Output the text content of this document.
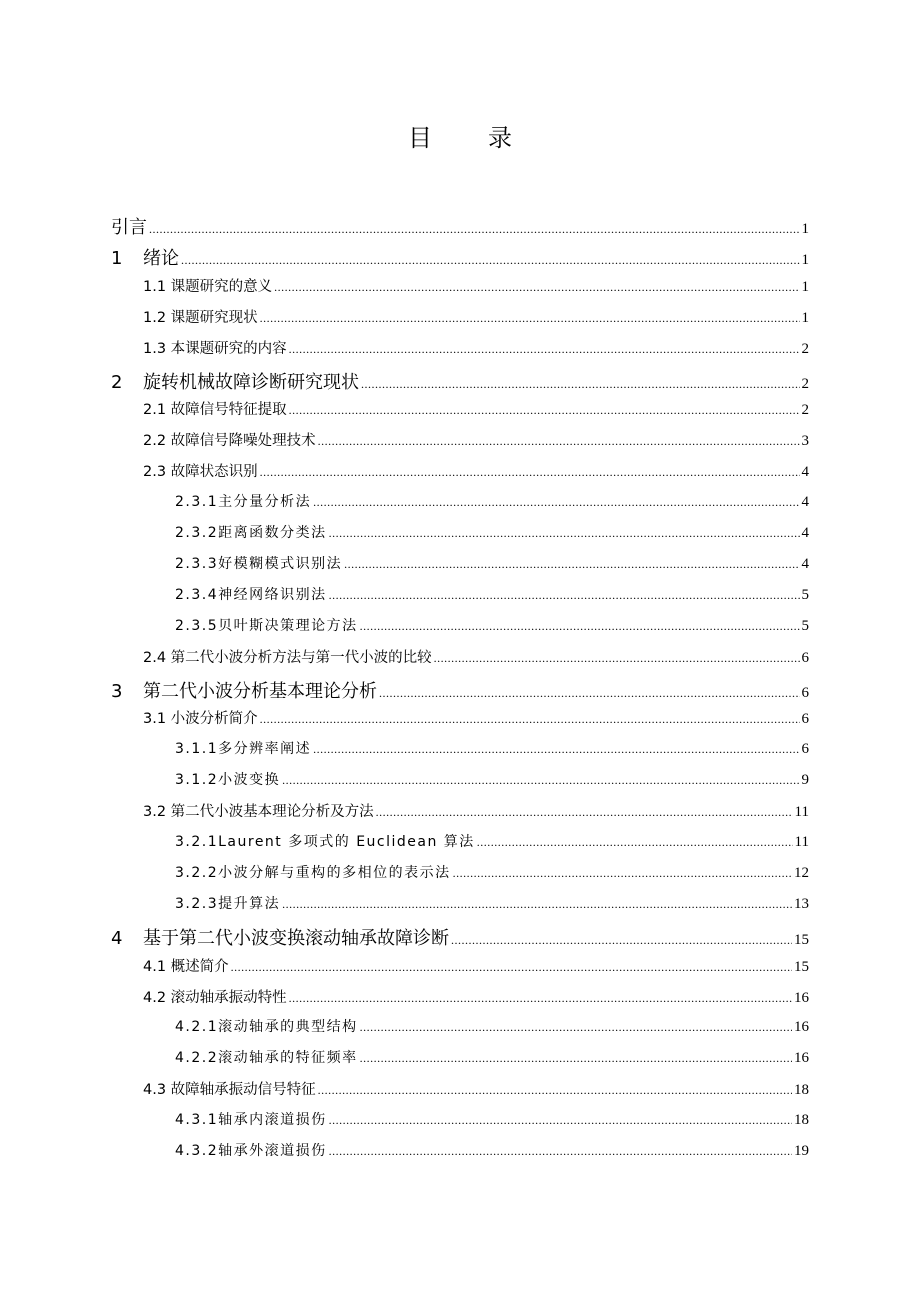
目 录
引言 .....	1
1 绪论 .....	1
1.1 课题研究的意义 .....	1
1.2 课题研究现状 .....	1
1.3 本课题研究的内容 .....	2
2 旋转机械故障诊断研究现状 .....	2
2.1 故障信号特征提取 .....	2
2.2 故障信号降噪处理技术 .....	3
2.3 故障状态识别 .....	4
2.3.1主分量分析法 .....	4
2.3.2距离函数分类法 .....	4
2.3.3好模糊模式识别法 .....	4
2.3.4神经网络识别法 .....	5
2.3.5贝叶斯决策理论方法 .....	5
2.4 第二代小波分析方法与第一代小波的比较 .....	6
3 第二代小波分析基本理论分析 .....	6
3.1 小波分析简介 .....	6
3.1.1多分辨率阐述 .....	6
3.1.2小波变换 .....	9
3.2 第二代小波基本理论分析及方法 .....	11
3.2.1Laurent 多项式的 Euclidean 算法 .....	11
3.2.2小波分解与重构的多相位的表示法 .....	12
3.2.3提升算法 .....	13
4 基于第二代小波变换滚动轴承故障诊断 .....	15
4.1 概述简介 .....	15
4.2 滚动轴承振动特性 .....	16
4.2.1滚动轴承的典型结构 .....	16
4.2.2滚动轴承的特征频率 .....	16
4.3 故障轴承振动信号特征 .....	18
4.3.1轴承内滚道损伤 .....	18
4.3.2轴承外滚道损伤 .....	19
